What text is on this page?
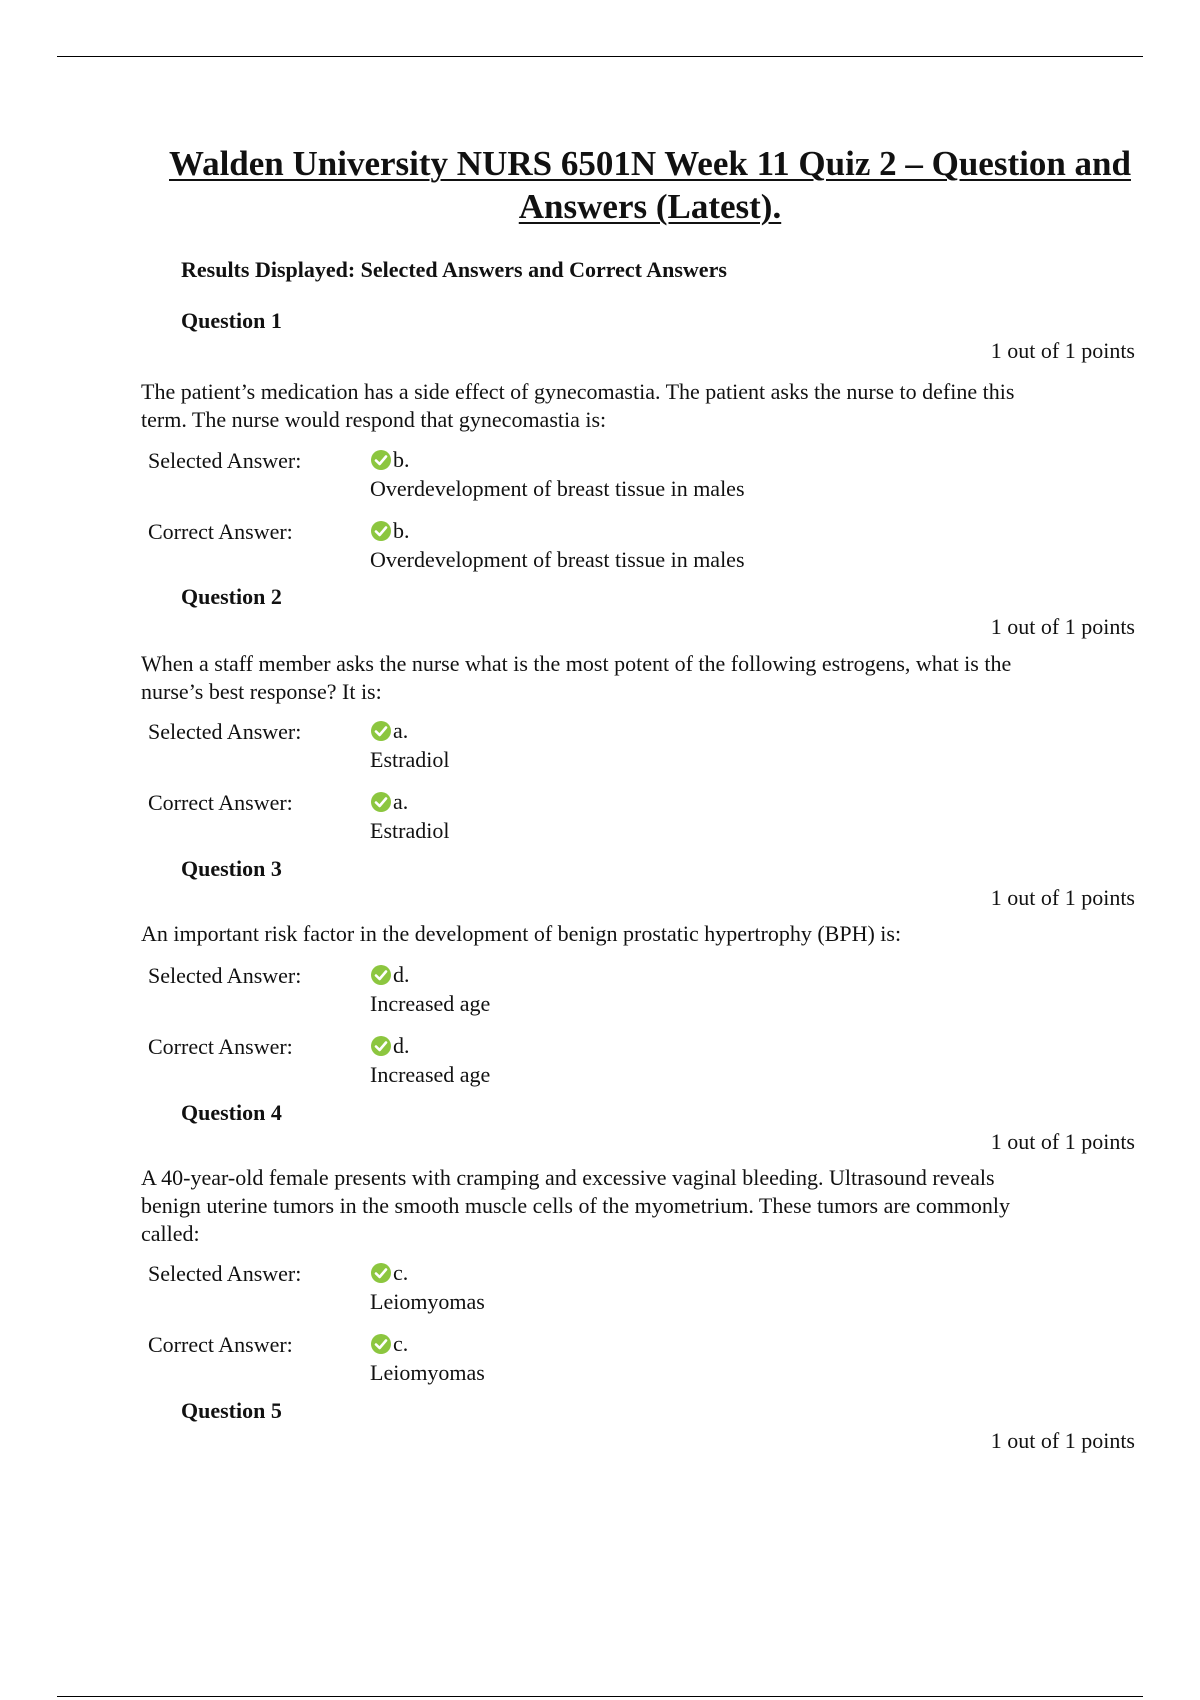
Walden University NURS 6501N Week 11 Quiz 2 – Question and Answers (Latest).
Results Displayed: Selected Answers and Correct Answers
Question 1
1 out of 1 points
The patient’s medication has a side effect of gynecomastia. The patient asks the nurse to define this term. The nurse would respond that gynecomastia is:
Selected Answer:	b.
Overdevelopment of breast tissue in males
Correct Answer:	b.
Overdevelopment of breast tissue in males
Question 2
1 out of 1 points
When a staff member asks the nurse what is the most potent of the following estrogens, what is the nurse’s best response? It is:
Selected Answer:	a.
Estradiol
Correct Answer:	a.
Estradiol
Question 3
1 out of 1 points
An important risk factor in the development of benign prostatic hypertrophy (BPH) is:
Selected Answer:	d.
Increased age
Correct Answer:	d.
Increased age
Question 4
1 out of 1 points
A 40-year-old female presents with cramping and excessive vaginal bleeding. Ultrasound reveals benign uterine tumors in the smooth muscle cells of the myometrium. These tumors are commonly called:
Selected Answer:	c.
Leiomyomas
Correct Answer:	c.
Leiomyomas
Question 5
1 out of 1 points
